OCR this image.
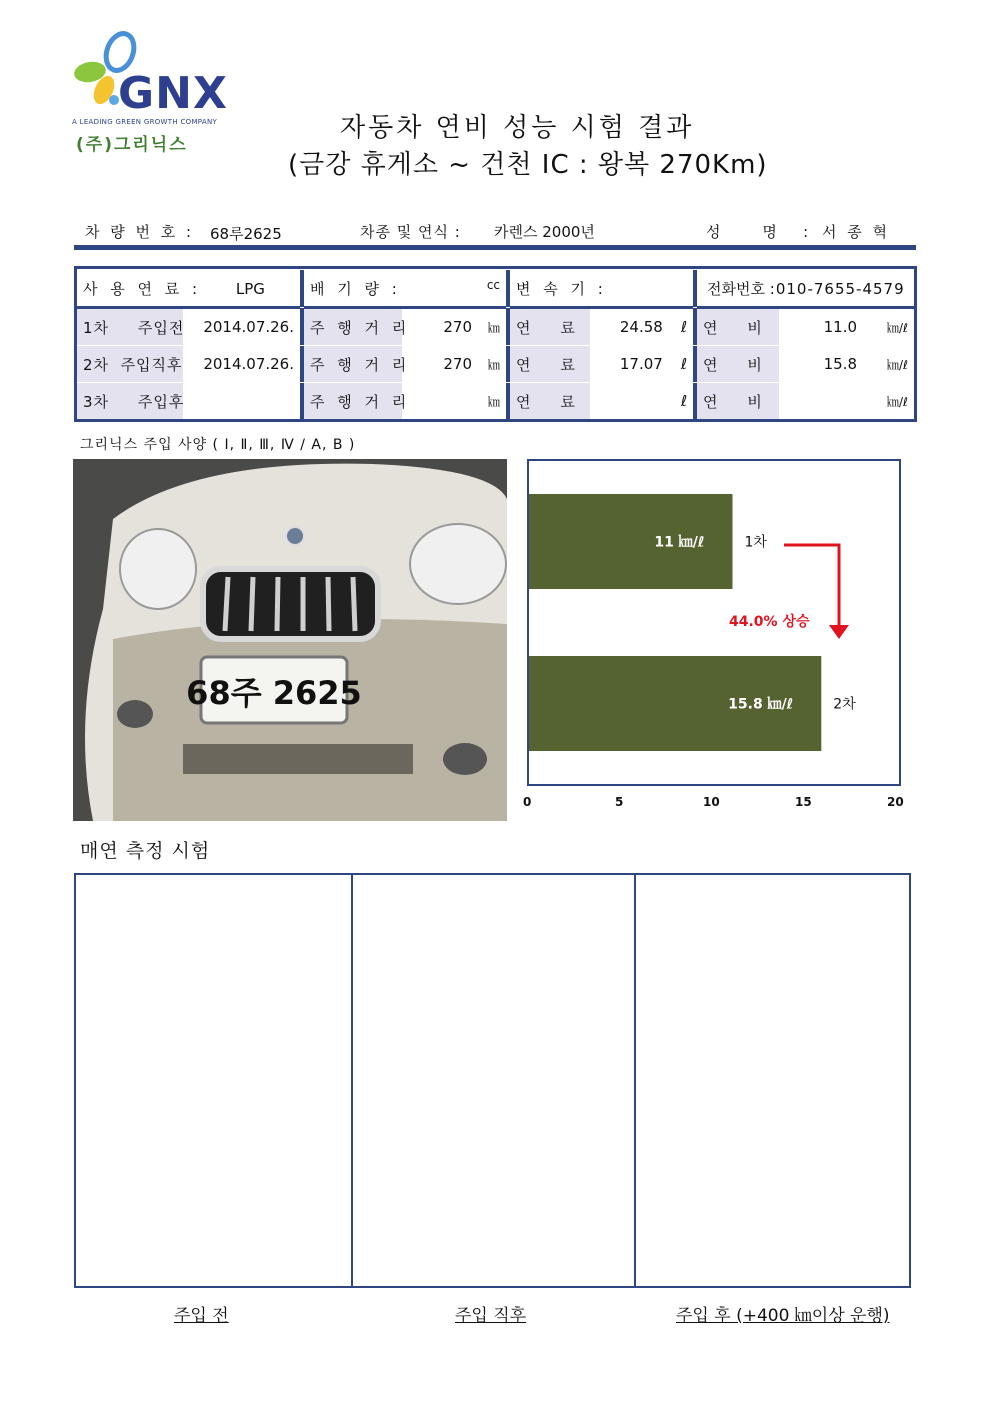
GNX
A LEADING GREEN GROWTH COMPANY
(주)그리닉스
자동차 연비 성능 시험 결과
(금강 휴게소 ~ 건천 IC : 왕복 270Km)
차 량 번 호 : 68루2625	차종 및 연식 : 카렌스 2000년	성     명   : 서 종 혁
사 용 연 료 : LPG			배 기 량 : cc			변 속 기 :			전화번호 :010-7655-4579	
1차     주입전	2014.07.26.		주 행 거 리	270 ㎞		연     료	24.58 ℓ		연     비	11.0 ㎞/ℓ
2차  주입직후	2014.07.26.		주 행 거 리	270 ㎞		연     료	17.07 ℓ		연     비	15.8 ㎞/ℓ
3차     주입후			주 행 거 리	㎞		연     료	ℓ		연     비	㎞/ℓ
그리닉스 주입 사양 ( Ⅰ, Ⅱ, Ⅲ, Ⅳ / A, B )
68주 2625
11 ㎞/ℓ	1차
15.8 ㎞/ℓ	2차
44.0% 상승
0	5	10	15	20
매연 측정 시험
주입 전	주입 직후	주입 후 (+400 ㎞이상 운행)
